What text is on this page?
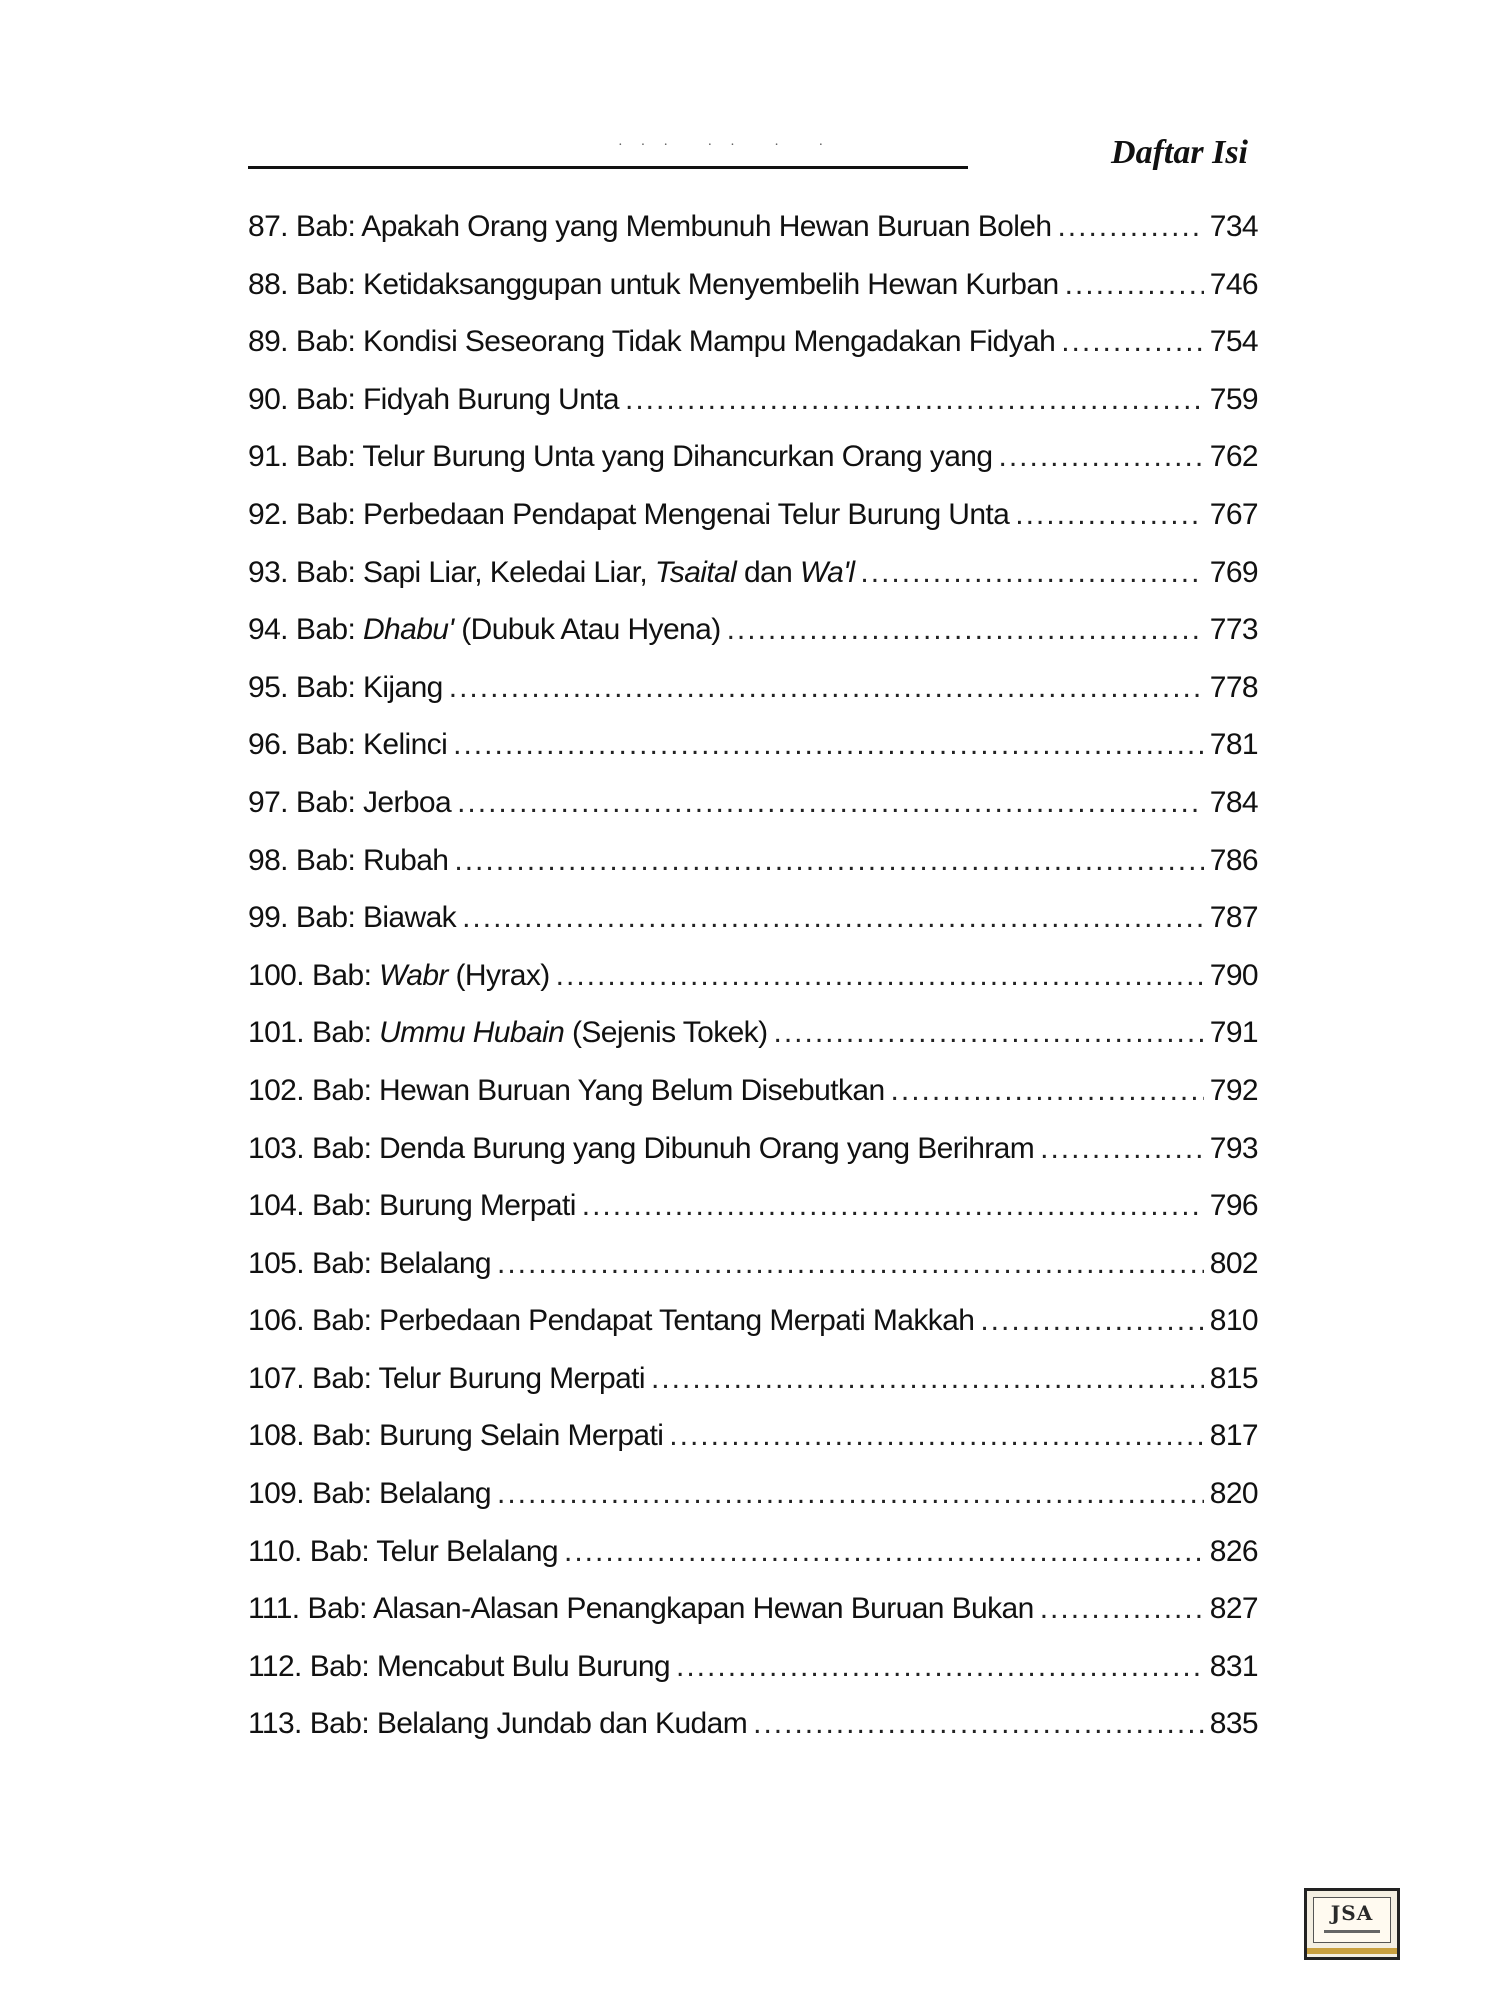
··· ·· · ·	Daftar Isi
87. Bab: Apakah Orang yang Membunuh Hewan Buruan Boleh .....	734
88. Bab: Ketidaksanggupan untuk Menyembelih Hewan Kurban .....	746
89. Bab: Kondisi Seseorang Tidak Mampu Mengadakan Fidyah .....	754
90. Bab: Fidyah Burung Unta .....	759
91. Bab: Telur Burung Unta yang Dihancurkan Orang yang .....	762
92. Bab: Perbedaan Pendapat Mengenai Telur Burung Unta .....	767
93. Bab: Sapi Liar, Keledai Liar, Tsaital dan Wa'l .....	769
94. Bab: Dhabu' (Dubuk Atau Hyena) .....	773
95. Bab: Kijang .....	778
96. Bab: Kelinci .....	781
97. Bab: Jerboa .....	784
98. Bab: Rubah .....	786
99. Bab: Biawak .....	787
100. Bab: Wabr (Hyrax) .....	790
101. Bab: Ummu Hubain (Sejenis Tokek) .....	791
102. Bab: Hewan Buruan Yang Belum Disebutkan .....	792
103. Bab: Denda Burung yang Dibunuh Orang yang Berihram .....	793
104. Bab: Burung Merpati .....	796
105. Bab: Belalang .....	802
106. Bab: Perbedaan Pendapat Tentang Merpati Makkah .....	810
107. Bab: Telur Burung Merpati .....	815
108. Bab: Burung Selain Merpati .....	817
109. Bab: Belalang .....	820
110. Bab: Telur Belalang .....	826
111. Bab: Alasan-Alasan Penangkapan Hewan Buruan Bukan .....	827
112. Bab: Mencabut Bulu Burung .....	831
113. Bab: Belalang Jundab dan Kudam .....	835
JSA
